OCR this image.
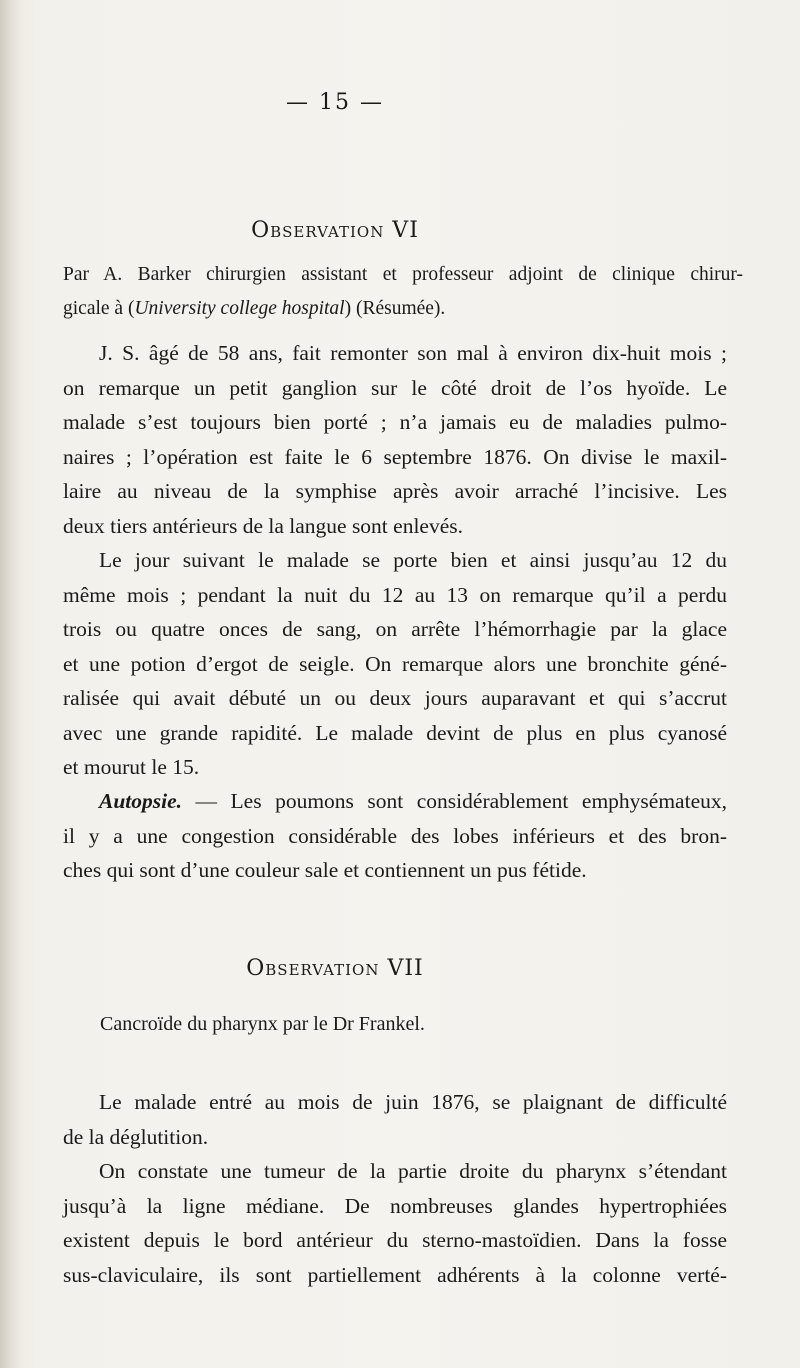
— 15 —
Observation VI
Par A. Barker chirurgien assistant et professeur adjoint de clinique chirur-
gicale à (University college hospital) (Résumée).
J. S. âgé de 58 ans, fait remonter son mal à environ dix-huit mois ;
on remarque un petit ganglion sur le côté droit de l’os hyoïde. Le
malade s’est toujours bien porté ; n’a jamais eu de maladies pulmo-
naires ; l’opération est faite le 6 septembre 1876. On divise le maxil-
laire au niveau de la symphise après avoir arraché l’incisive. Les
deux tiers antérieurs de la langue sont enlevés.
Le jour suivant le malade se porte bien et ainsi jusqu’au 12 du
même mois ; pendant la nuit du 12 au 13 on remarque qu’il a perdu
trois ou quatre onces de sang, on arrête l’hémorrhagie par la glace
et une potion d’ergot de seigle. On remarque alors une bronchite géné-
ralisée qui avait débuté un ou deux jours auparavant et qui s’accrut
avec une grande rapidité. Le malade devint de plus en plus cyanosé
et mourut le 15.
Autopsie. — Les poumons sont considérablement emphysémateux,
il y a une congestion considérable des lobes inférieurs et des bron-
ches qui sont d’une couleur sale et contiennent un pus fétide.
Observation VII
Cancroïde du pharynx par le Dr Frankel.
Le malade entré au mois de juin 1876, se plaignant de difficulté
de la déglutition.
On constate une tumeur de la partie droite du pharynx s’étendant
jusqu’à la ligne médiane. De nombreuses glandes hypertrophiées
existent depuis le bord antérieur du sterno-mastoïdien. Dans la fosse
sus-claviculaire, ils sont partiellement adhérents à la colonne verté-
